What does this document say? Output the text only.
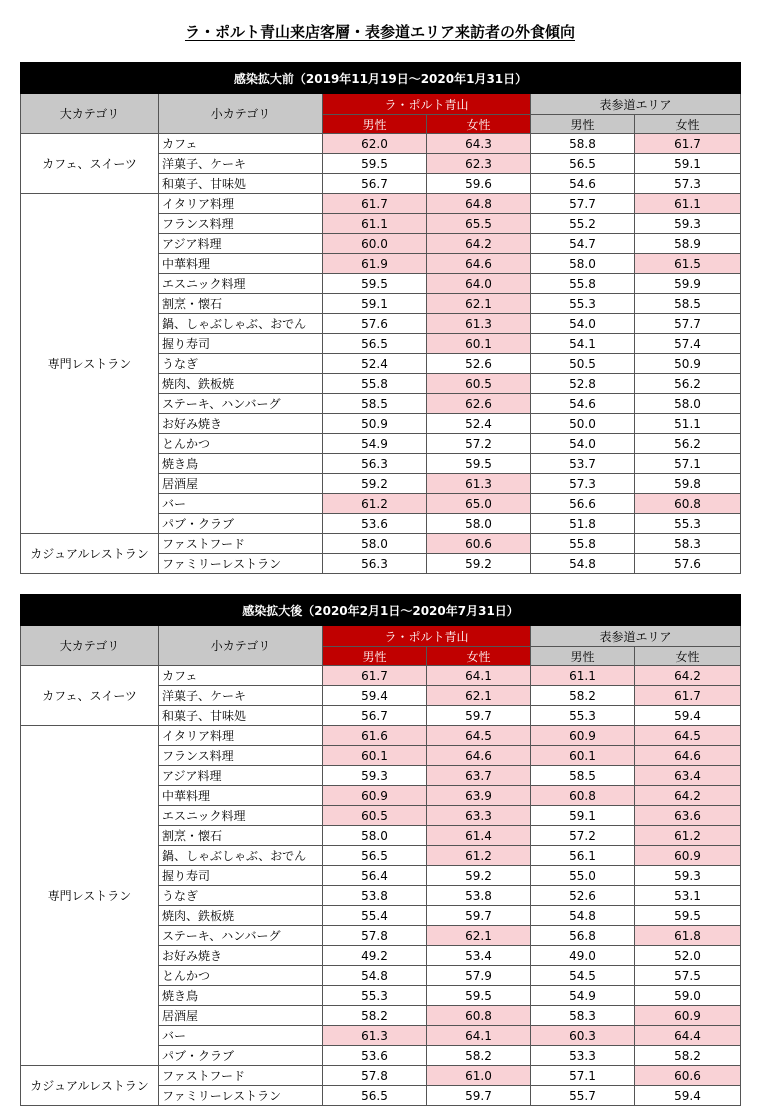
ラ・ポルト青山来店客層・表参道エリア来訪者の外食傾向
感染拡大前（2019年11月19日〜2020年1月31日）					
大カテゴリ	小カテゴリ	ラ・ポルト青山		表参道エリア	
		男性	女性	男性	女性
カフェ、スイーツ	カフェ	62.0	64.3	58.8	61.7
	洋菓子、ケーキ	59.5	62.3	56.5	59.1
	和菓子、甘味処	56.7	59.6	54.6	57.3
専門レストラン	イタリア料理	61.7	64.8	57.7	61.1
	フランス料理	61.1	65.5	55.2	59.3
	アジア料理	60.0	64.2	54.7	58.9
	中華料理	61.9	64.6	58.0	61.5
	エスニック料理	59.5	64.0	55.8	59.9
	割烹・懐石	59.1	62.1	55.3	58.5
	鍋、しゃぶしゃぶ、おでん	57.6	61.3	54.0	57.7
	握り寿司	56.5	60.1	54.1	57.4
	うなぎ	52.4	52.6	50.5	50.9
	焼肉、鉄板焼	55.8	60.5	52.8	56.2
	ステーキ、ハンバーグ	58.5	62.6	54.6	58.0
	お好み焼き	50.9	52.4	50.0	51.1
	とんかつ	54.9	57.2	54.0	56.2
	焼き鳥	56.3	59.5	53.7	57.1
	居酒屋	59.2	61.3	57.3	59.8
	バー	61.2	65.0	56.6	60.8
	パブ・クラブ	53.6	58.0	51.8	55.3
カジュアルレストラン	ファストフード	58.0	60.6	55.8	58.3
	ファミリーレストラン	56.3	59.2	54.8	57.6
感染拡大後（2020年2月1日〜2020年7月31日）					
大カテゴリ	小カテゴリ	ラ・ポルト青山		表参道エリア	
		男性	女性	男性	女性
カフェ、スイーツ	カフェ	61.7	64.1	61.1	64.2
	洋菓子、ケーキ	59.4	62.1	58.2	61.7
	和菓子、甘味処	56.7	59.7	55.3	59.4
専門レストラン	イタリア料理	61.6	64.5	60.9	64.5
	フランス料理	60.1	64.6	60.1	64.6
	アジア料理	59.3	63.7	58.5	63.4
	中華料理	60.9	63.9	60.8	64.2
	エスニック料理	60.5	63.3	59.1	63.6
	割烹・懐石	58.0	61.4	57.2	61.2
	鍋、しゃぶしゃぶ、おでん	56.5	61.2	56.1	60.9
	握り寿司	56.4	59.2	55.0	59.3
	うなぎ	53.8	53.8	52.6	53.1
	焼肉、鉄板焼	55.4	59.7	54.8	59.5
	ステーキ、ハンバーグ	57.8	62.1	56.8	61.8
	お好み焼き	49.2	53.4	49.0	52.0
	とんかつ	54.8	57.9	54.5	57.5
	焼き鳥	55.3	59.5	54.9	59.0
	居酒屋	58.2	60.8	58.3	60.9
	バー	61.3	64.1	60.3	64.4
	パブ・クラブ	53.6	58.2	53.3	58.2
カジュアルレストラン	ファストフード	57.8	61.0	57.1	60.6
	ファミリーレストラン	56.5	59.7	55.7	59.4
